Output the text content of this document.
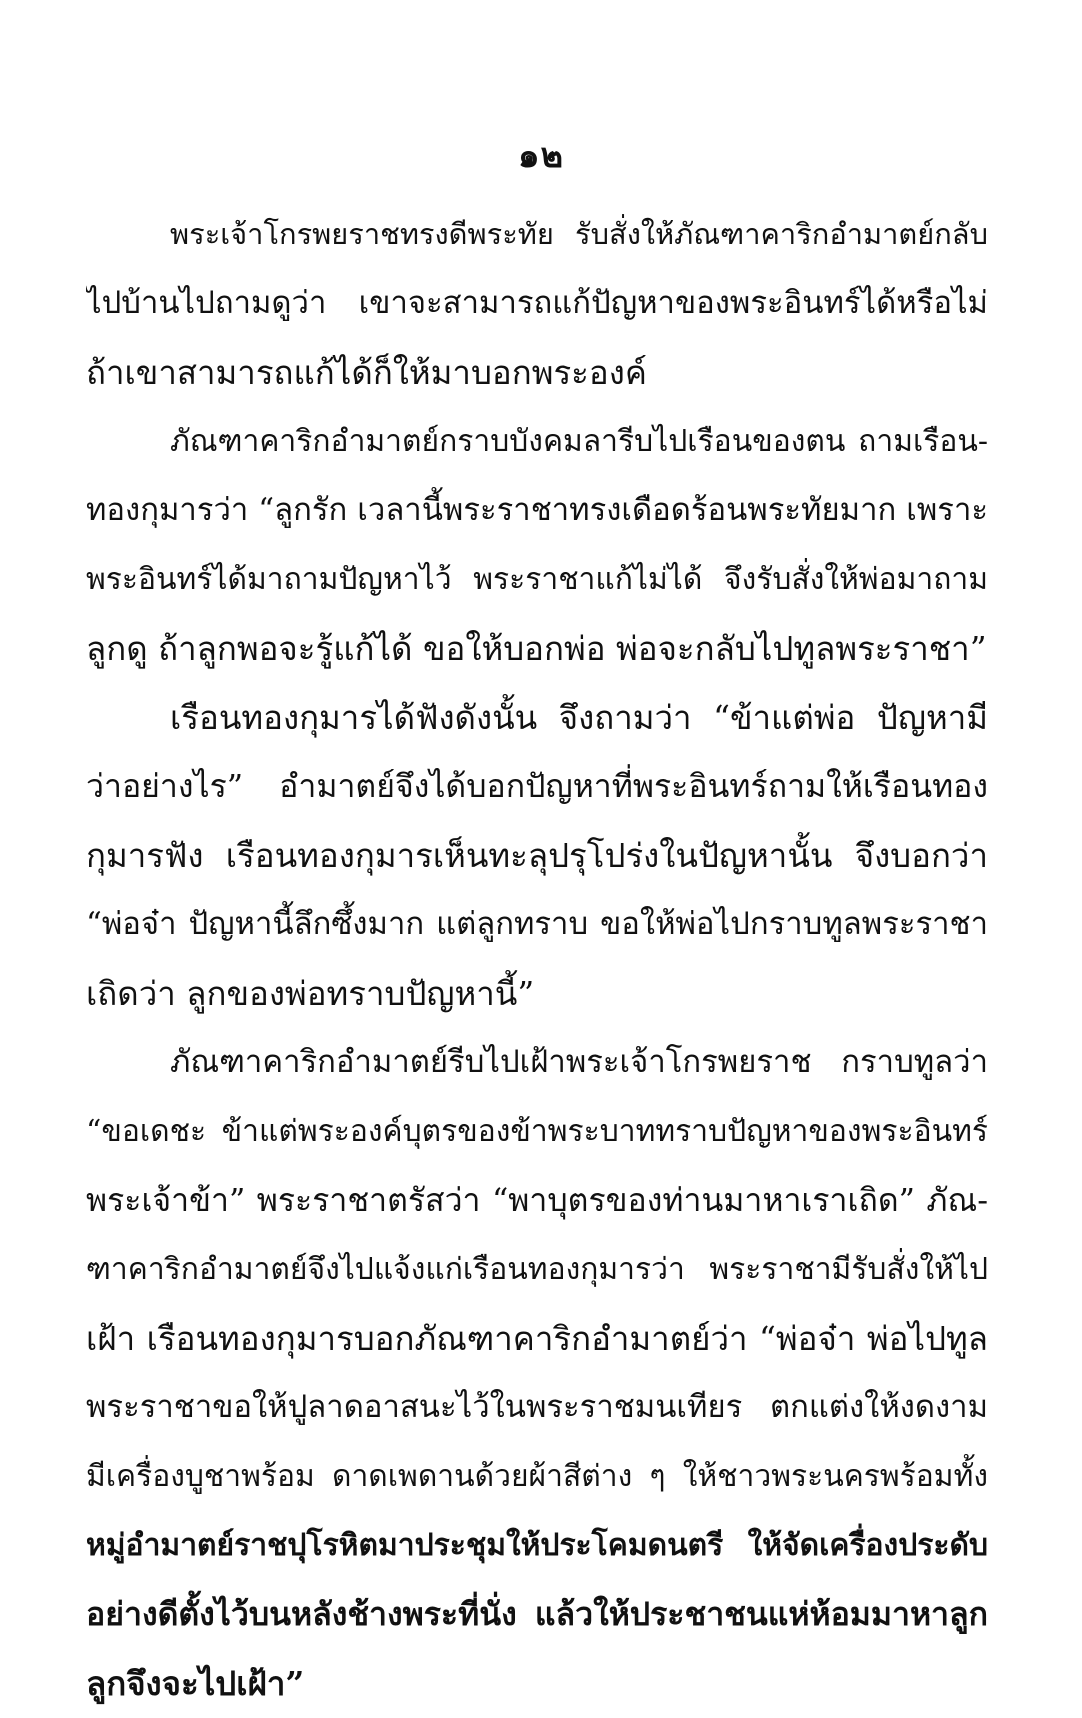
๑๒
พระเจ้าโกรพยราชทรงดีพระทัย รับสั่งให้ภัณฑาคาริกอำมาตย์กลับ
ไปบ้านไปถามดูว่า เขาจะสามารถแก้ปัญหาของพระอินทร์ได้หรือไม่
ถ้าเขาสามารถแก้ได้ก็ให้มาบอกพระองค์
ภัณฑาคาริกอำมาตย์กราบบังคมลารีบไปเรือนของตน ถามเรือน-
ทองกุมารว่า “ลูกรัก เวลานี้พระราชาทรงเดือดร้อนพระทัยมาก เพราะ
พระอินทร์ได้มาถามปัญหาไว้ พระราชาแก้ไม่ได้ จึงรับสั่งให้พ่อมาถาม
ลูกดู ถ้าลูกพอจะรู้แก้ได้ ขอให้บอกพ่อ พ่อจะกลับไปทูลพระราชา”
เรือนทองกุมารได้ฟังดังนั้น จึงถามว่า “ข้าแต่พ่อ ปัญหามี
ว่าอย่างไร” อำมาตย์จึงได้บอกปัญหาที่พระอินทร์ถามให้เรือนทอง
กุมารฟัง เรือนทองกุมารเห็นทะลุปรุโปร่งในปัญหานั้น จึงบอกว่า
“พ่อจ๋า ปัญหานี้ลึกซึ้งมาก แต่ลูกทราบ ขอให้พ่อไปกราบทูลพระราชา
เถิดว่า ลูกของพ่อทราบปัญหานี้”
ภัณฑาคาริกอำมาตย์รีบไปเฝ้าพระเจ้าโกรพยราช กราบทูลว่า
“ขอเดชะ ข้าแต่พระองค์บุตรของข้าพระบาททราบปัญหาของพระอินทร์
พระเจ้าข้า” พระราชาตรัสว่า “พาบุตรของท่านมาหาเราเถิด” ภัณ-
ฑาคาริกอำมาตย์จึงไปแจ้งแก่เรือนทองกุมารว่า พระราชามีรับสั่งให้ไป
เฝ้า เรือนทองกุมารบอกภัณฑาคาริกอำมาตย์ว่า “พ่อจ๋า พ่อไปทูล
พระราชาขอให้ปูลาดอาสนะไว้ในพระราชมนเทียร ตกแต่งให้งดงาม
มีเครื่องบูชาพร้อม ดาดเพดานด้วยผ้าสีต่าง ๆ ให้ชาวพระนครพร้อมทั้ง
หมู่อำมาตย์ราชปุโรหิตมาประชุมให้ประโคมดนตรี ให้จัดเครื่องประดับ
อย่างดีตั้งไว้บนหลังช้างพระที่นั่ง แล้วให้ประชาชนแห่ห้อมมาหาลูก
ลูกจึงจะไปเฝ้า”
